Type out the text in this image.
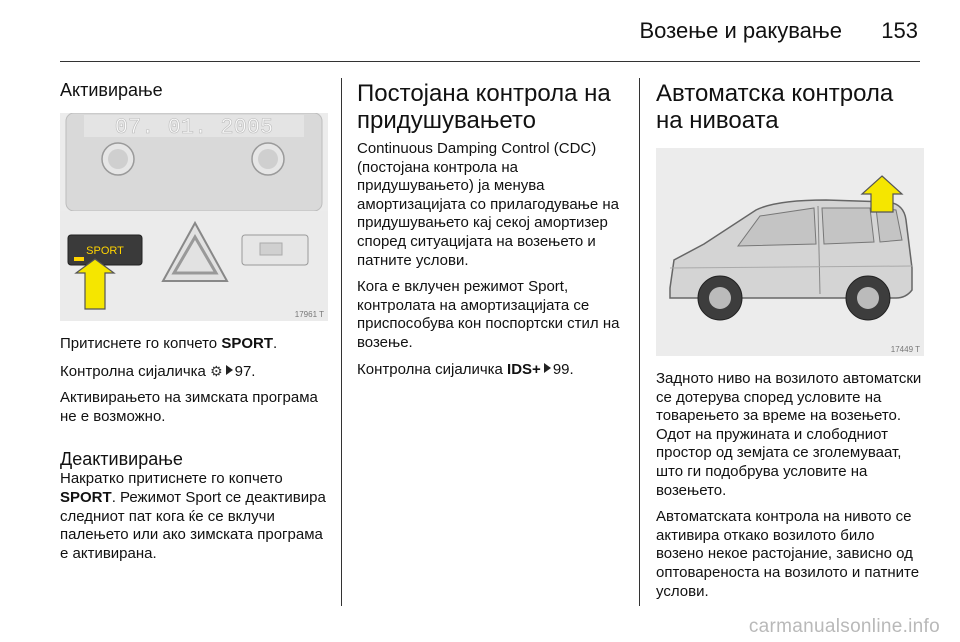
Возење и ракување 153
Активирање
07. 01. 2005
SPORT
17961 T

Притиснете го копчето SPORT.

Контролна сијаличка ⚙ 97.

Активирањето на зимската програма не е возможно.

Деактивирање

Накратко притиснете го копчето SPORT. Режимот Sport се деактивира следниот пат кога ќе се вклучи палењето или ако зимската програма е активирана.

Постојана контрола на придушувањето

Continuous Damping Control (CDC) (постојана контрола на придушувањето) ја менува амортизацијата со прилагодување на придушувањето кај секој амортизер според ситуацијата на возењето и патните услови.

Кога е вклучен режимот Sport, контролата на амортизацијата се приспособува кон поспортски стил на возење.

Контролна сијаличка IDS+ 99.

Автоматска контрола на нивоата
17449 T

Задното ниво на возилото автоматски се дотерува според условите на товарењето за време на возењето. Одот на пружината и слободниот простор од земјата се зголемуваат, што ги подобрува условите на возењето.

Автоматската контрола на нивото се активира откако возилото било возено некое растојание, зависно од оптовареноста на возилото и патните услови.

carmanualsonline.info
